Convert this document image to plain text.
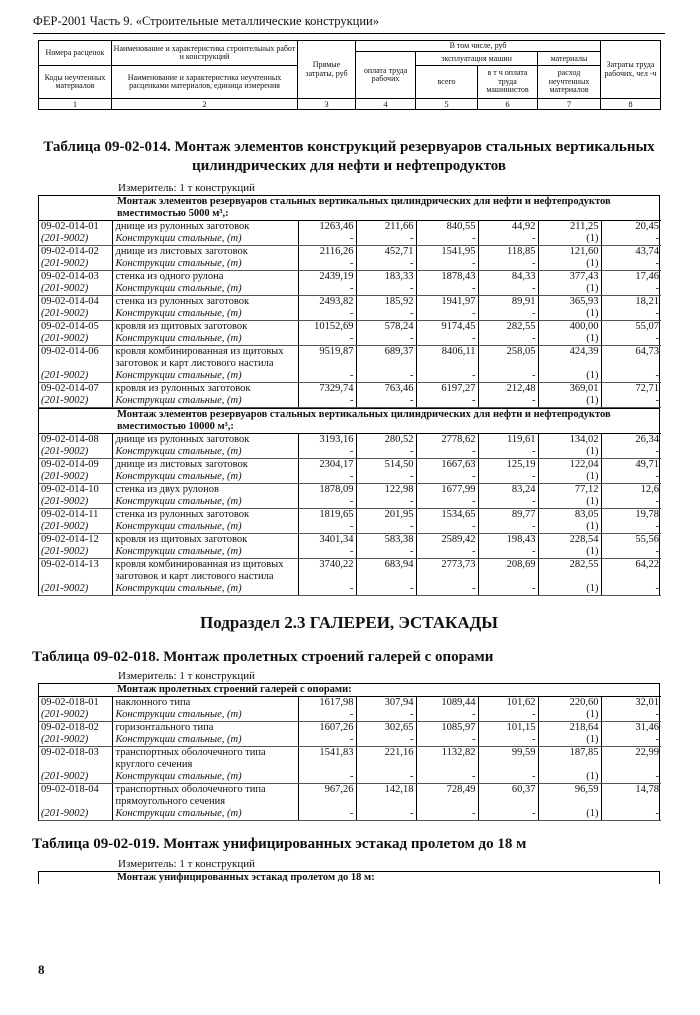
ФЕР-2001 Часть 9. «Строительные металлические конструкции»
Номера расценок	Наименование и характеристика строительных работ и конструкций	Прямые затраты, руб	В том числе, руб				Затраты труда рабочих, чел -ч
			оплата труда рабочих	эксплуатация машин		материалы	
Коды неучтенных материалов	Наименование и характеристика неучтенных расценками материалов, единица измерения			всего	в т ч оплата труда машинистов	расход неучтенных материалов	

1	2	3	4	5	6	7	8
Таблица 09-02-014. Монтаж элементов конструкций резервуаров стальных вертикальных цилиндрических для нефти и нефтепродуктов
Измеритель: 1 т конструкций
Монтаж элементов резервуаров стальных вертикальных цилиндрических для нефти и нефтепродуктов вместимостью 5000 м³,:
09-02-014-01	днище из рулонных заготовок	1263,46	211,66	840,55	44,92	211,25	20,45
(201-9002)	Конструкции стальные, (т)	-	-	-	-	(1)	-
09-02-014-02	днище из листовых заготовок	2116,26	452,71	1541,95	118,85	121,60	43,74
(201-9002)	Конструкции стальные, (т)	-	-	-	-	(1)	-
09-02-014-03	стенка из одного рулона	2439,19	183,33	1878,43	84,33	377,43	17,46
(201-9002)	Конструкции стальные, (т)	-	-	-	-	(1)	-
09-02-014-04	стенка из рулонных заготовок	2493,82	185,92	1941,97	89,91	365,93	18,21
(201-9002)	Конструкции стальные, (т)	-	-	-	-	(1)	-
09-02-014-05	кровля из щитовых заготовок	10152,69	578,24	9174,45	282,55	400,00	55,07
(201-9002)	Конструкции стальные, (т)	-	-	-	-	(1)	-
09-02-014-06	кровля комбинированная из щитовых заготовок и карт листового настила	9519,87	689,37	8406,11	258,05	424,39	64,73
(201-9002)	Конструкции стальные, (т)	-	-	-	-	(1)	-
09-02-014-07	кровля из рулонных заготовок	7329,74	763,46	6197,27	212,48	369,01	72,71
(201-9002)	Конструкции стальные, (т)	-	-	-	-	(1)	-
Монтаж элементов резервуаров стальных вертикальных цилиндрических для нефти и нефтепродуктов вместимостью 10000 м³,:
09-02-014-08	днище из рулонных заготовок	3193,16	280,52	2778,62	119,61	134,02	26,34
(201-9002)	Конструкции стальные, (т)	-	-	-	-	(1)	-
09-02-014-09	днище из листовых заготовок	2304,17	514,50	1667,63	125,19	122,04	49,71
(201-9002)	Конструкции стальные, (т)	-	-	-	-	(1)	-
09-02-014-10	стенка из двух рулонов	1878,09	122,98	1677,99	83,24	77,12	12,6
(201-9002)	Конструкции стальные, (т)	-	-	-	-	(1)	-
09-02-014-11	стенка из рулонных заготовок	1819,65	201,95	1534,65	89,77	83,05	19,78
(201-9002)	Конструкции стальные, (т)	-	-	-	-	(1)	-
09-02-014-12	кровля из щитовых заготовок	3401,34	583,38	2589,42	198,43	228,54	55,56
(201-9002)	Конструкции стальные, (т)	-	-	-	-	(1)	-
09-02-014-13	кровля комбинированная из щитовых заготовок и карт листового настила	3740,22	683,94	2773,73	208,69	282,55	64,22
(201-9002)	Конструкции стальные, (т)	-	-	-	-	(1)	-
Подраздел 2.3 ГАЛЕРЕИ, ЭСТАКАДЫ
Таблица 09-02-018. Монтаж пролетных строений галерей с опорами
Измеритель: 1 т конструкций
Монтаж пролетных строений галерей с опорами:
09-02-018-01	наклонного типа	1617,98	307,94	1089,44	101,62	220,60	32,01
(201-9002)	Конструкции стальные, (т)	-	-	-	-	(1)	-
09-02-018-02	горизонтального типа	1607,26	302,65	1085,97	101,15	218,64	31,46
(201-9002)	Конструкции стальные, (т)	-	-	-	-	(1)	-
09-02-018-03	транспортных оболочечного типа круглого сечения	1541,83	221,16	1132,82	99,59	187,85	22,99
(201-9002)	Конструкции стальные, (т)	-	-	-	-	(1)	-
09-02-018-04	транспортных оболочечного типа прямоугольного сечения	967,26	142,18	728,49	60,37	96,59	14,78
(201-9002)	Конструкции стальные, (т)	-	-	-	-	(1)	-
Таблица 09-02-019. Монтаж унифицированных эстакад пролетом до 18 м
Измеритель: 1 т конструкций
Монтаж унифицированных эстакад пролетом до 18 м:
8
